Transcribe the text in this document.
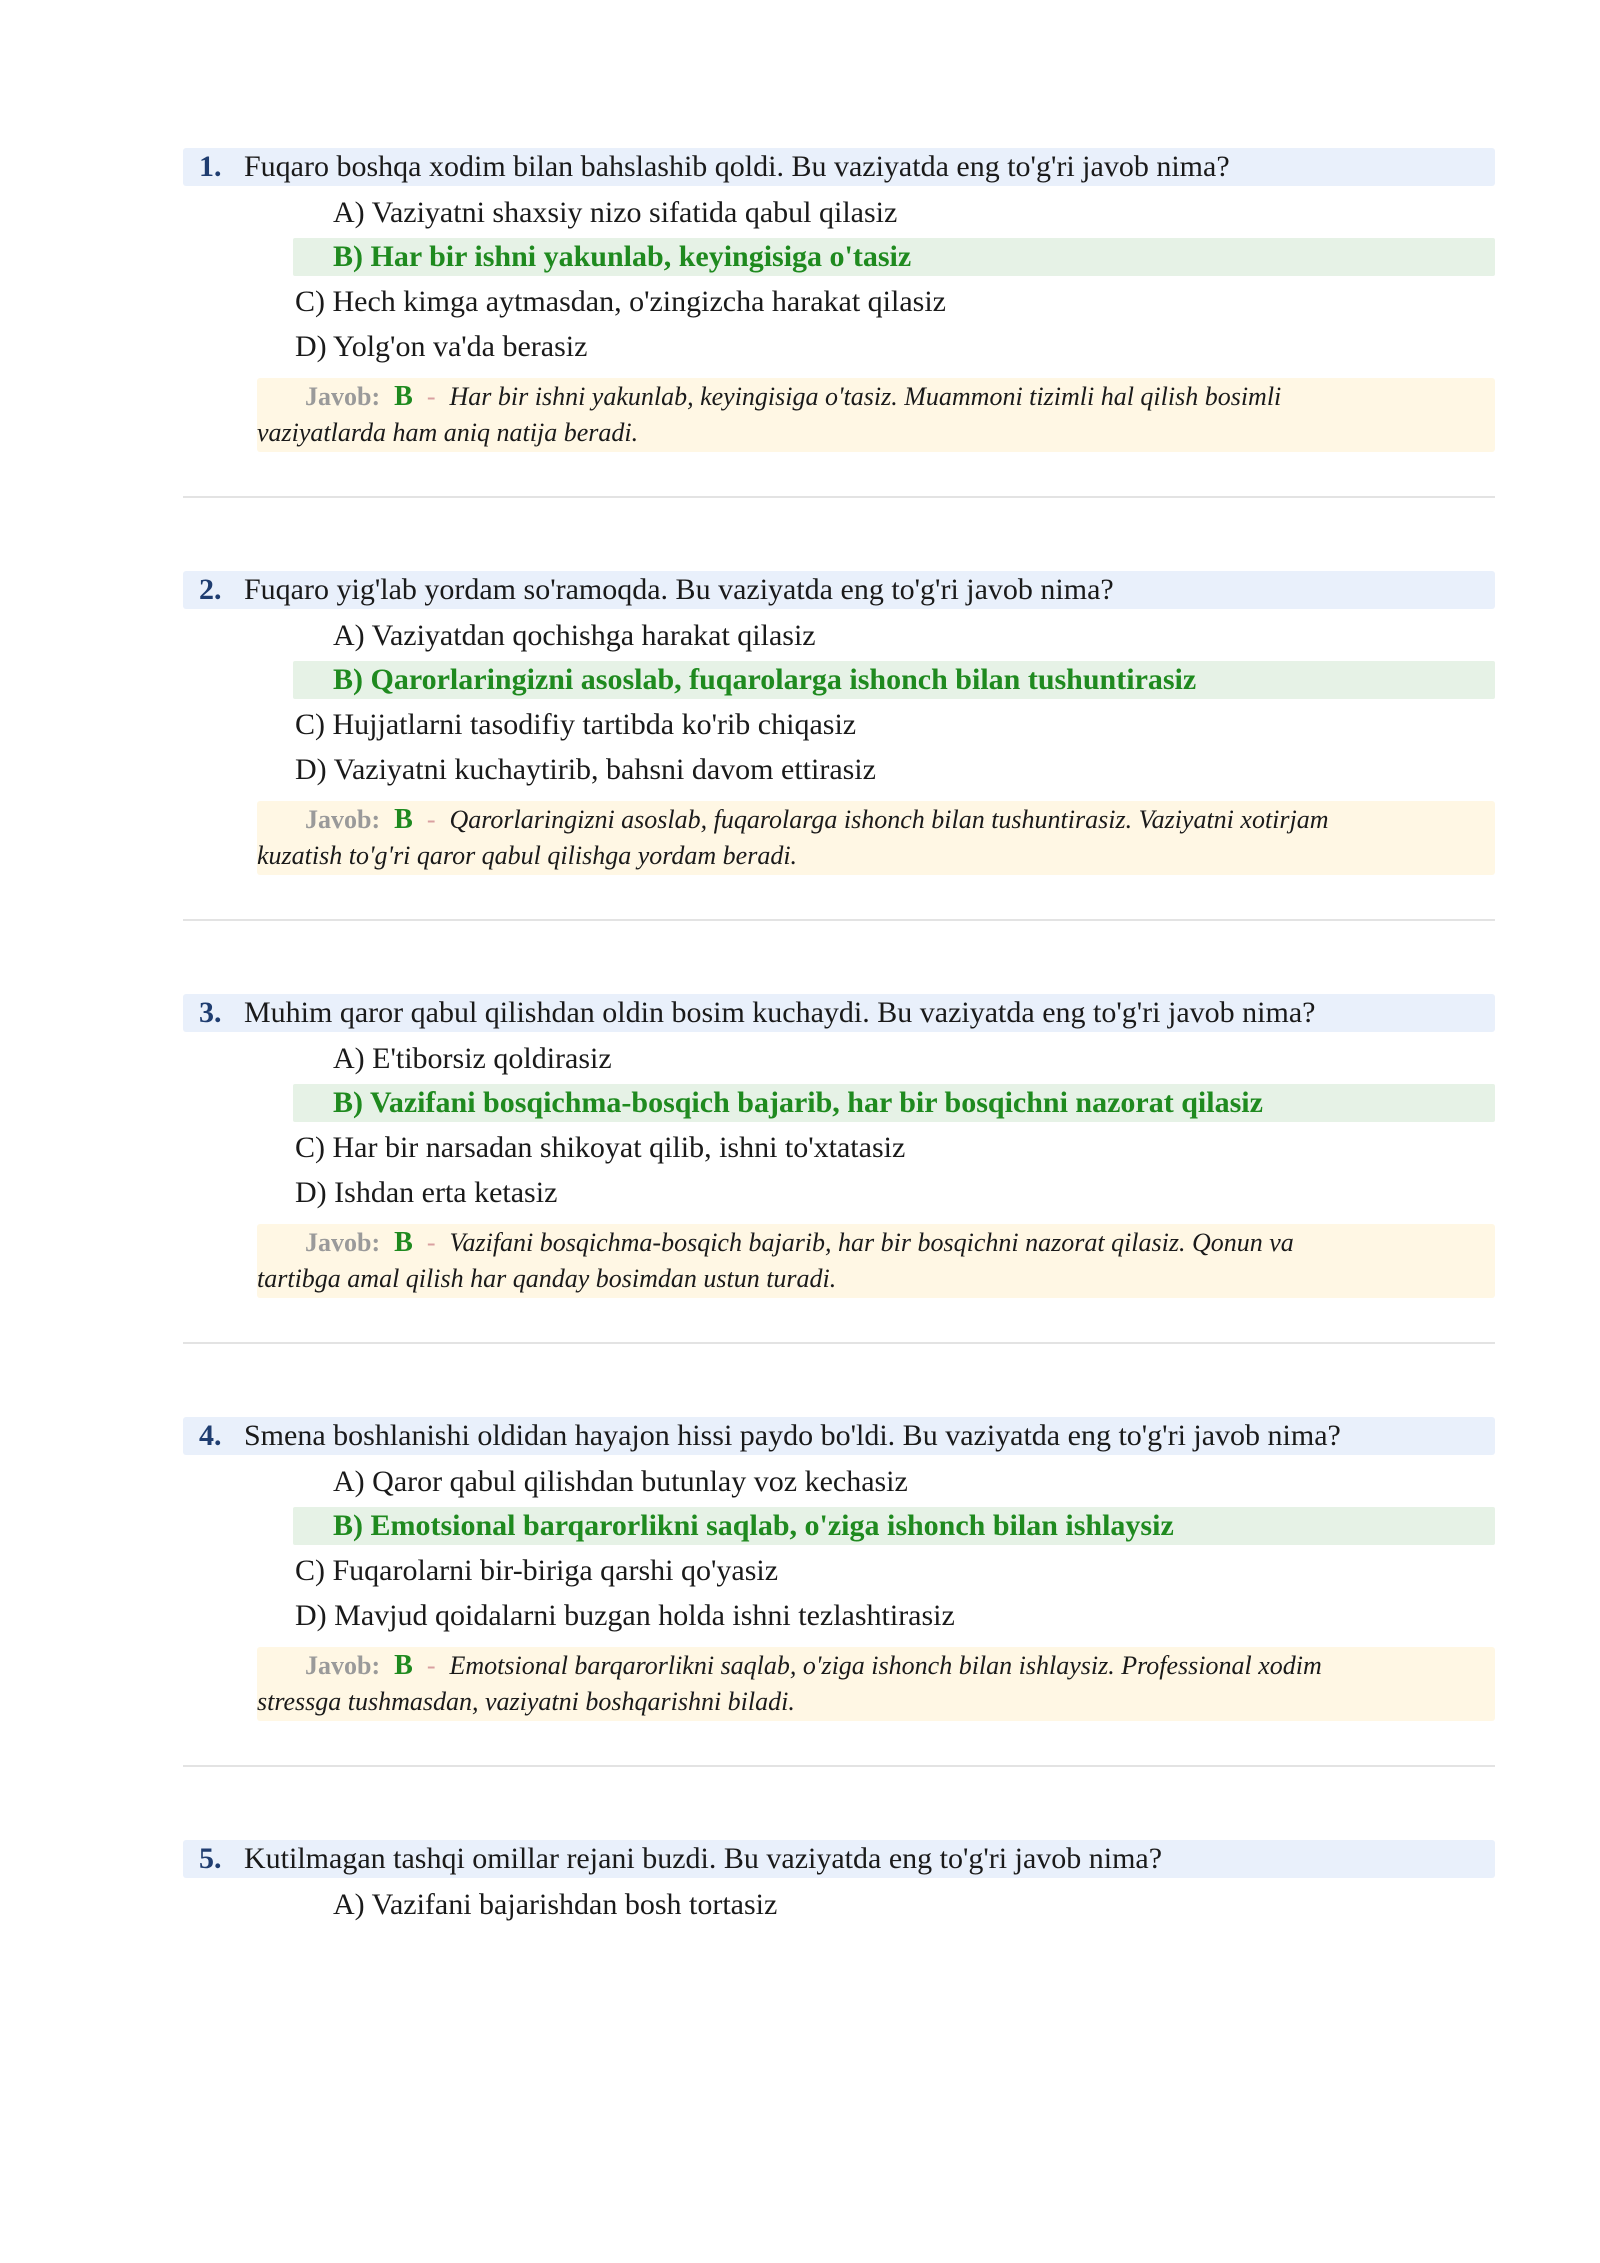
1. Fuqaro boshqa xodim bilan bahslashib qoldi. Bu vaziyatda eng to'g'ri javob nima?
A) Vaziyatni shaxsiy nizo sifatida qabul qilasiz
B) Har bir ishni yakunlab, keyingisiga o'tasiz
C) Hech kimga aytmasdan, o'zingizcha harakat qilasiz
D) Yolg'on va'da berasiz
Javob: B - Har bir ishni yakunlab, keyingisiga o'tasiz. Muammoni tizimli hal qilish bosimli
vaziyatlarda ham aniq natija beradi.
2. Fuqaro yig'lab yordam so'ramoqda. Bu vaziyatda eng to'g'ri javob nima?
A) Vaziyatdan qochishga harakat qilasiz
B) Qarorlaringizni asoslab, fuqarolarga ishonch bilan tushuntirasiz
C) Hujjatlarni tasodifiy tartibda ko'rib chiqasiz
D) Vaziyatni kuchaytirib, bahsni davom ettirasiz
Javob: B - Qarorlaringizni asoslab, fuqarolarga ishonch bilan tushuntirasiz. Vaziyatni xotirjam
kuzatish to'g'ri qaror qabul qilishga yordam beradi.
3. Muhim qaror qabul qilishdan oldin bosim kuchaydi. Bu vaziyatda eng to'g'ri javob nima?
A) E'tiborsiz qoldirasiz
B) Vazifani bosqichma-bosqich bajarib, har bir bosqichni nazorat qilasiz
C) Har bir narsadan shikoyat qilib, ishni to'xtatasiz
D) Ishdan erta ketasiz
Javob: B - Vazifani bosqichma-bosqich bajarib, har bir bosqichni nazorat qilasiz. Qonun va
tartibga amal qilish har qanday bosimdan ustun turadi.
4. Smena boshlanishi oldidan hayajon hissi paydo bo'ldi. Bu vaziyatda eng to'g'ri javob nima?
A) Qaror qabul qilishdan butunlay voz kechasiz
B) Emotsional barqarorlikni saqlab, o'ziga ishonch bilan ishlaysiz
C) Fuqarolarni bir-biriga qarshi qo'yasiz
D) Mavjud qoidalarni buzgan holda ishni tezlashtirasiz
Javob: B - Emotsional barqarorlikni saqlab, o'ziga ishonch bilan ishlaysiz. Professional xodim
stressga tushmasdan, vaziyatni boshqarishni biladi.
5. Kutilmagan tashqi omillar rejani buzdi. Bu vaziyatda eng to'g'ri javob nima?
A) Vazifani bajarishdan bosh tortasiz
